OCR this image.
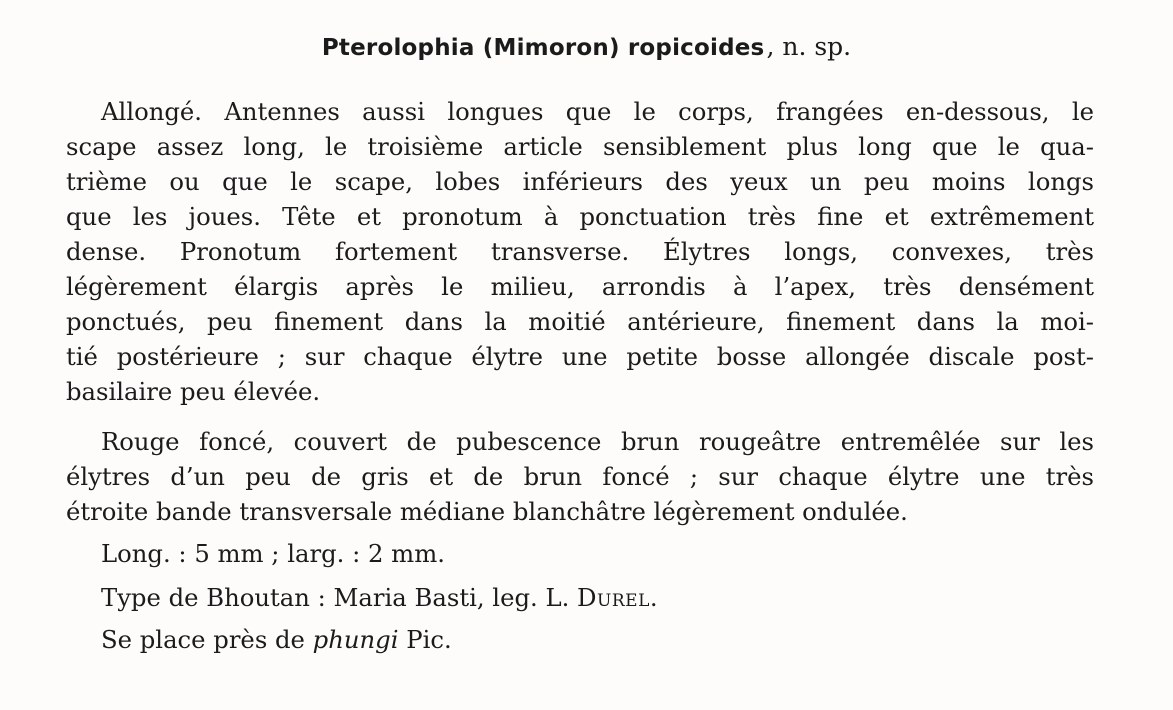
Pterolophia (Mimoron) ropicoides, n. sp.
Allongé. Antennes aussi longues que le corps, frangées en-dessous, le
scape assez long, le troisième article sensiblement plus long que le qua-
trième ou que le scape, lobes inférieurs des yeux un peu moins longs
que les joues. Tête et pronotum à ponctuation très fine et extrêmement
dense. Pronotum fortement transverse. Élytres longs, convexes, très
légèrement élargis après le milieu, arrondis à l’apex, très densément
ponctués, peu finement dans la moitié antérieure, finement dans la moi-
tié postérieure ; sur chaque élytre une petite bosse allongée discale post-
basilaire peu élevée.
Rouge foncé, couvert de pubescence brun rougeâtre entremêlée sur les
élytres d’un peu de gris et de brun foncé ; sur chaque élytre une très
étroite bande transversale médiane blanchâtre légèrement ondulée.
Long. : 5 mm ; larg. : 2 mm.
Type de Bhoutan : Maria Basti, leg. L. Durel.
Se place près de phungi Pic.
